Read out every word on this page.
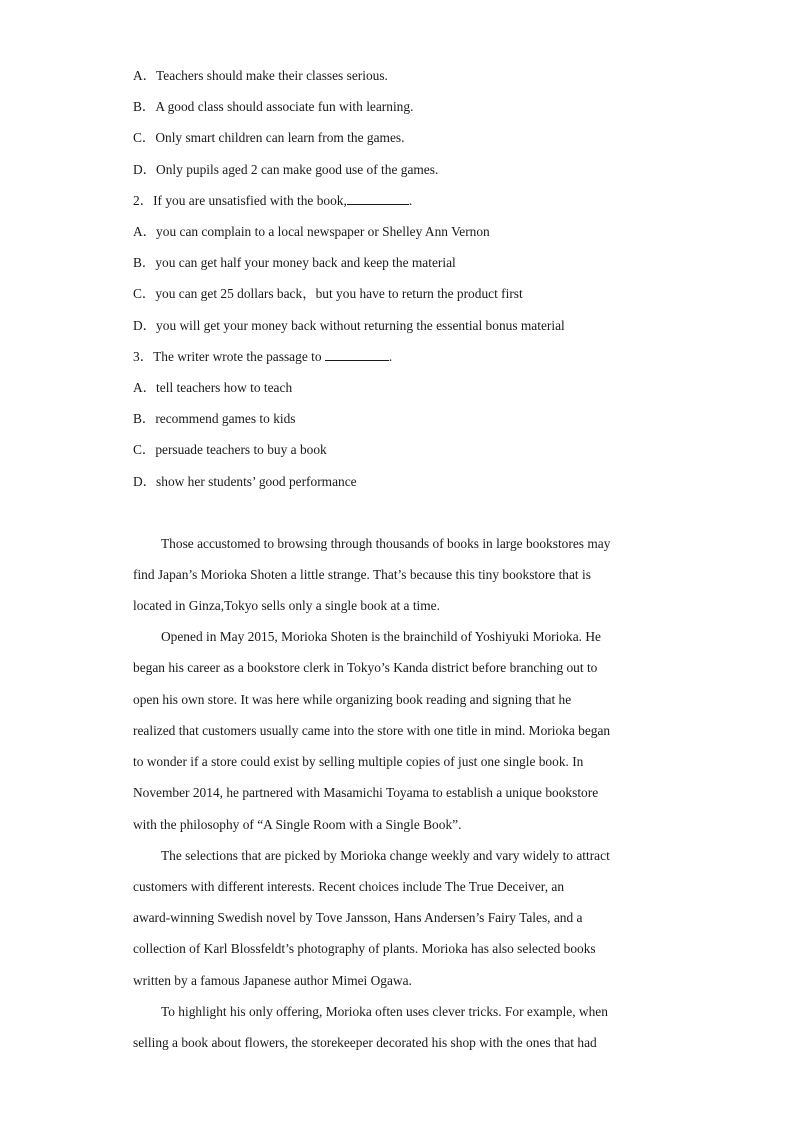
A．Teachers should make their classes serious.
B．A good class should associate fun with learning.
C．Only smart children can learn from the games.
D．Only pupils aged 2 can make good use of the games.
2．If you are unsatisfied with the book,	.
A．you can complain to a local newspaper or Shelley Ann Vernon
B．you can get half your money back and keep the material
C．you can get 25 dollars back，but you have to return the product first
D．you will get your money back without returning the essential bonus material
3．The writer wrote the passage to	.
A．tell teachers how to teach
B．recommend games to kids
C．persuade teachers to buy a book
D．show her students’ good performance
Those accustomed to browsing through thousands of books in large bookstores may
find Japan’s Morioka Shoten a little strange. That’s because this tiny bookstore that is
located in Ginza,Tokyo sells only a single book at a time.
Opened in May 2015, Morioka Shoten is the brainchild of Yoshiyuki Morioka. He
began his career as a bookstore clerk in Tokyo’s Kanda district before branching out to
open his own store. It was here while organizing book reading and signing that he
realized that customers usually came into the store with one title in mind. Morioka began
to wonder if a store could exist by selling multiple copies of just one single book. In
November 2014, he partnered with Masamichi Toyama to establish a unique bookstore
with the philosophy of “A Single Room with a Single Book”.
The selections that are picked by Morioka change weekly and vary widely to attract
customers with different interests. Recent choices include The True Deceiver, an
award-winning Swedish novel by Tove Jansson, Hans Andersen’s Fairy Tales, and a
collection of Karl Blossfeldt’s photography of plants. Morioka has also selected books
written by a famous Japanese author Mimei Ogawa.
To highlight his only offering, Morioka often uses clever tricks. For example, when
selling a book about flowers, the storekeeper decorated his shop with the ones that had
